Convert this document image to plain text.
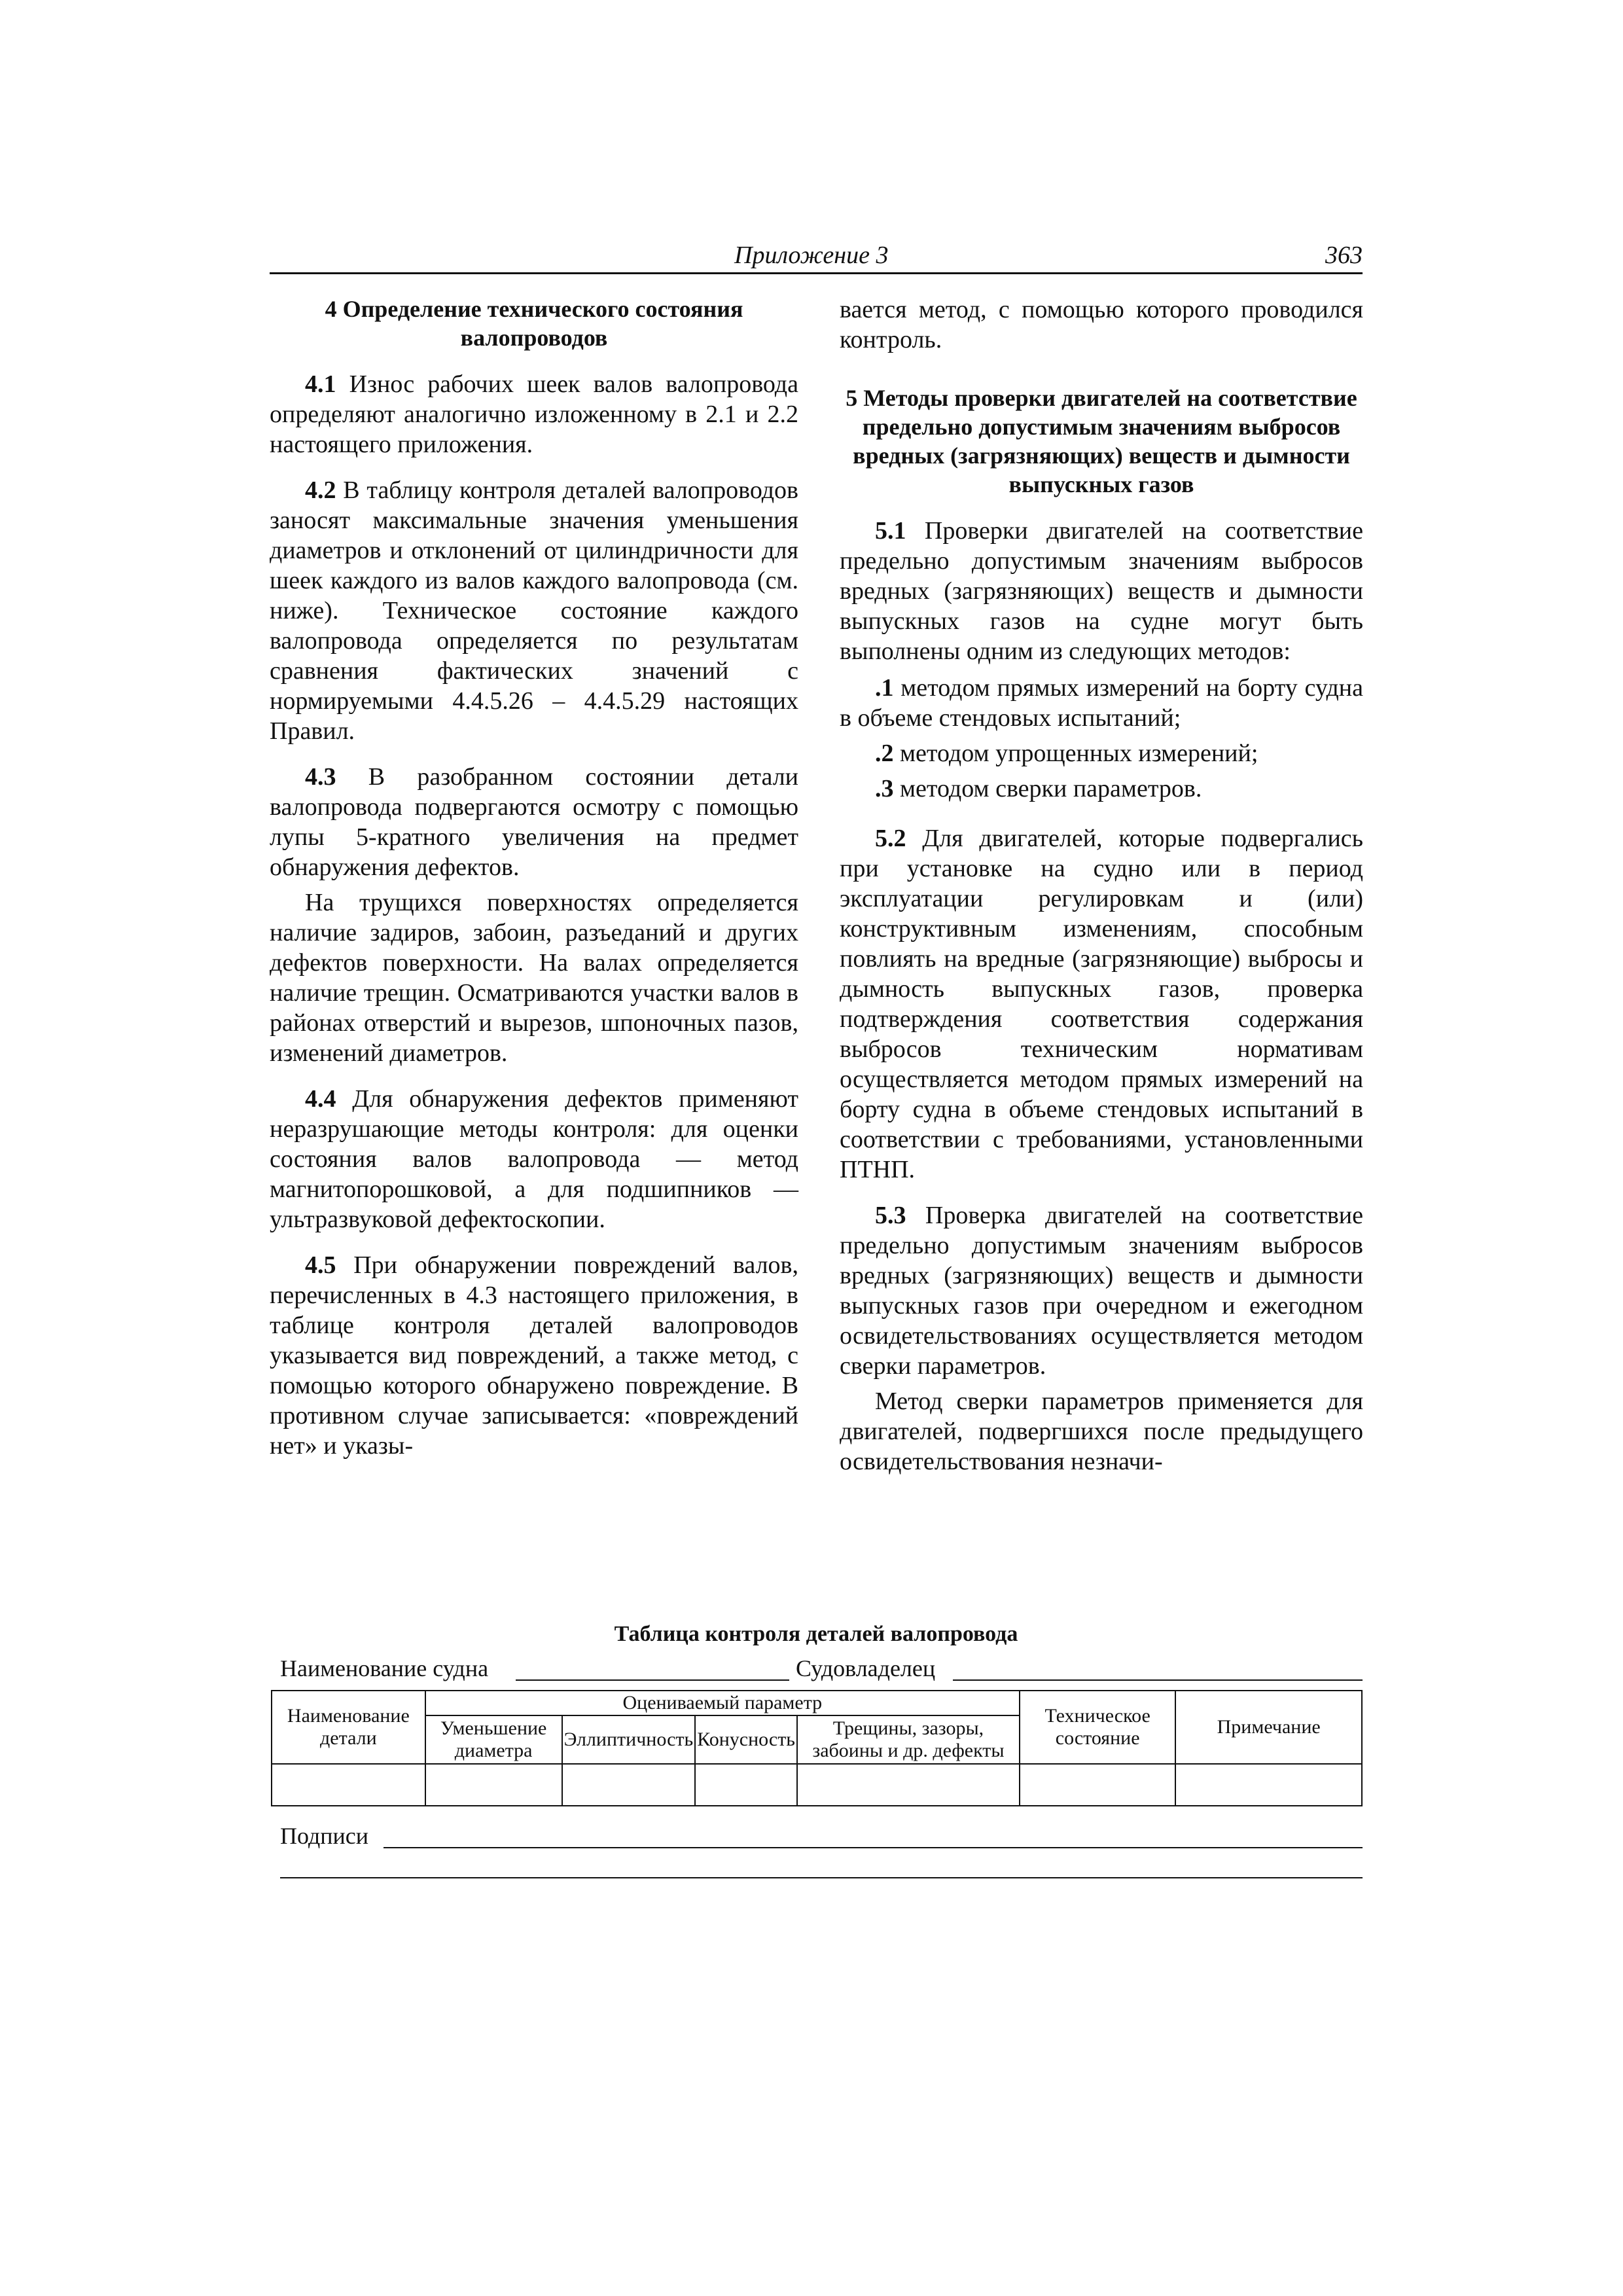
Приложение 3	363
4 Определение технического состояния валопроводов

4.1 Износ рабочих шеек валов валопровода определяют аналогично изложенному в 2.1 и 2.2 настоящего приложения.

4.2 В таблицу контроля деталей валопроводов заносят максимальные значения уменьшения диаметров и отклонений от цилиндричности для шеек каждого из валов каждого валопровода (см. ниже). Техническое состояние каждого валопровода определяется по результатам сравнения фактических значений с нормируемыми 4.4.5.26 – 4.4.5.29 настоящих Правил.

4.3 В разобранном состоянии детали валопровода подвергаются осмотру с помощью лупы 5-кратного увеличения на предмет обнаружения дефектов.

На трущихся поверхностях определяется наличие задиров, забоин, разъеданий и других дефектов поверхности. На валах определяется наличие трещин. Осматриваются участки валов в районах отверстий и вырезов, шпоночных пазов, изменений диаметров.

4.4 Для обнаружения дефектов применяют неразрушающие методы контроля: для оценки состояния валов валопровода — метод магнитопорошковой, а для подшипников — ультразвуковой дефектоскопии.

4.5 При обнаружении повреждений валов, перечисленных в 4.3 настоящего приложения, в таблице контроля деталей валопроводов указывается вид повреждений, а также метод, с помощью которого обнаружено повреждение. В противном случае записывается: «повреждений нет» и указы-

вается метод, с помощью которого проводился контроль.

5 Методы проверки двигателей на соответствие предельно допустимым значениям выбросов вредных (загрязняющих) веществ и дымности выпускных газов

5.1 Проверки двигателей на соответствие предельно допустимым значениям выбросов вредных (загрязняющих) веществ и дымности выпускных газов на судне могут быть выполнены одним из следующих методов:

.1 методом прямых измерений на борту судна в объеме стендовых испытаний;
.2 методом упрощенных измерений;
.3 методом сверки параметров.

5.2 Для двигателей, которые подвергались при установке на судно или в период эксплуатации регулировкам и (или) конструктивным изменениям, способным повлиять на вредные (загрязняющие) выбросы и дымность выпускных газов, проверка подтверждения соответствия содержания выбросов техническим нормативам осуществляется методом прямых измерений на борту судна в объеме стендовых испытаний в соответствии с требованиями, установленными ПТНП.

5.3 Проверка двигателей на соответствие предельно допустимым значениям выбросов вредных (загрязняющих) веществ и дымности выпускных газов при очередном и ежегодном освидетельствованиях осуществляется методом сверки параметров.

Метод сверки параметров применяется для двигателей, подвергшихся после предыдущего освидетельствования незначи-

Таблица контроля деталей валопровода
Наименование судна	Судовладелец
Наименование детали	Оцениваемый параметр				Техническое состояние	Примечание
	Уменьшение диаметра	Эллиптичность	Конусность	Трещины, зазоры, забоины и др. дефекты		

Подписи
